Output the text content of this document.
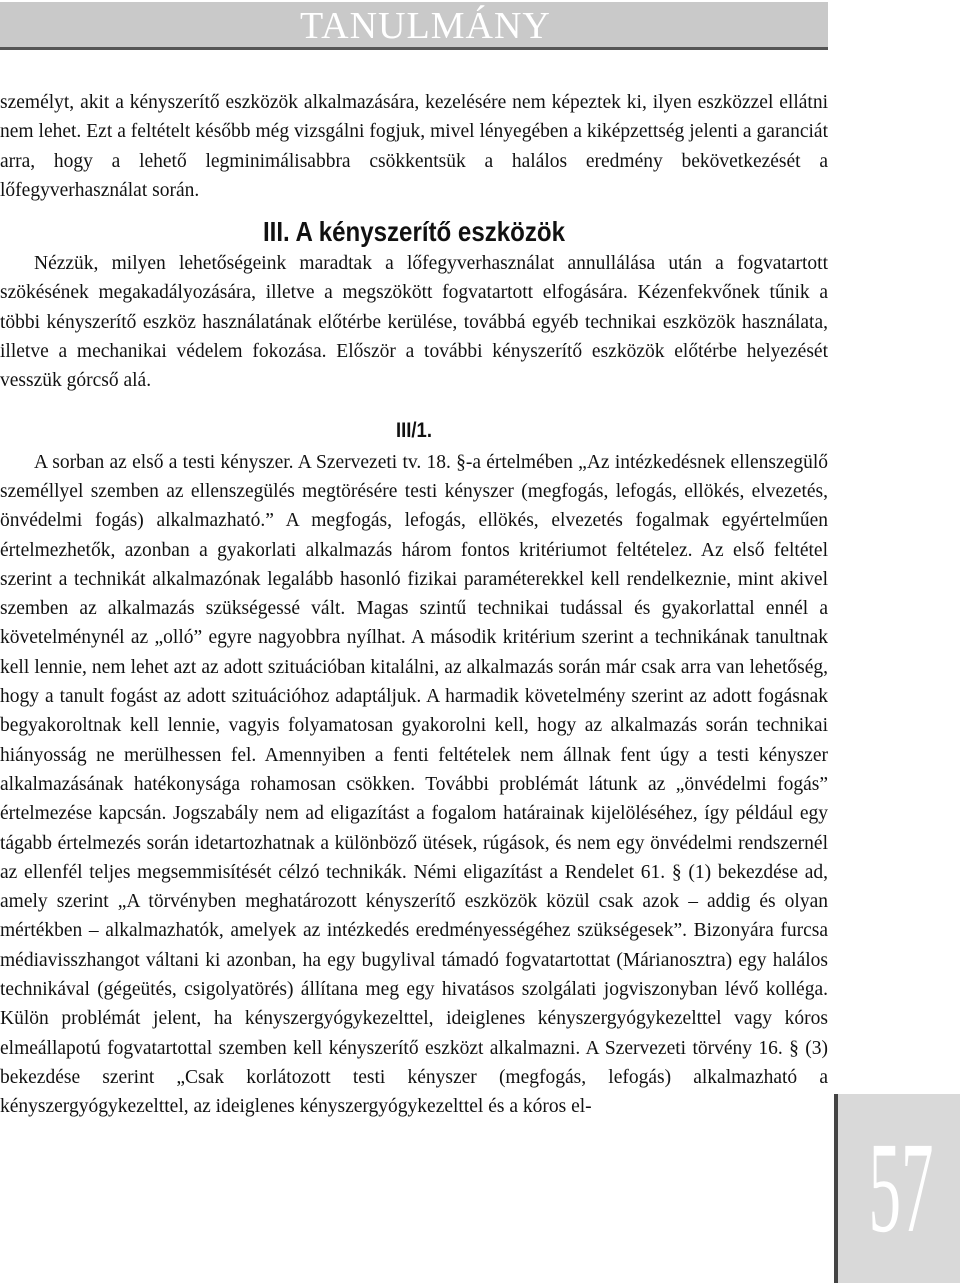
TANULMÁNY

személyt, akit a kényszerítő eszközök alkalmazására, kezelésére nem képeztek ki, ilyen eszközzel ellátni nem lehet. Ezt a feltételt később még vizsgálni fogjuk, mivel lényegében a kiképzettség jelenti a garanciát arra, hogy a lehető legminimálisabbra csökkentsük a halálos eredmény bekövetkezését a lőfegyverhasználat során.

III. A kényszerítő eszközök

Nézzük, milyen lehetőségeink maradtak a lőfegyverhasználat annullálása után a fogvatartott szökésének megakadályozására, illetve a megszökött fogvatartott elfogására. Kézenfekvőnek tűnik a többi kényszerítő eszköz használatának előtérbe kerülése, továbbá egyéb technikai eszközök használata, illetve a mechanikai védelem fokozása. Először a további kényszerítő eszközök előtérbe helyezését vesszük górcső alá.

III/1.

A sorban az első a testi kényszer. A Szervezeti tv. 18. §-a értelmében „Az intézkedésnek ellenszegülő személlyel szemben az ellenszegülés megtörésére testi kényszer (megfogás, lefogás, ellökés, elvezetés, önvédelmi fogás) alkalmazható.” A megfogás, lefogás, ellökés, elvezetés fogalmak egyértelműen értelmezhetők, azonban a gyakorlati alkalmazás három fontos kritériumot feltételez. Az első feltétel szerint a technikát alkalmazónak legalább hasonló fizikai paraméterekkel kell rendelkeznie, mint akivel szemben az alkalmazás szükségessé vált. Magas szintű technikai tudással és gyakorlattal ennél a követelménynél az „olló” egyre nagyobbra nyílhat. A második kritérium szerint a technikának tanultnak kell lennie, nem lehet azt az adott szituációban kitalálni, az alkalmazás során már csak arra van lehetőség, hogy a tanult fogást az adott szituációhoz adaptáljuk. A harmadik követelmény szerint az adott fogásnak begyakoroltnak kell lennie, vagyis folyamatosan gyakorolni kell, hogy az alkalmazás során technikai hiányosság ne merülhessen fel. Amennyiben a fenti feltételek nem állnak fent úgy a testi kényszer alkalmazásának hatékonysága rohamosan csökken. További problémát látunk az „önvédelmi fogás” értelmezése kapcsán. Jogszabály nem ad eligazítást a fogalom határainak kijelöléséhez, így például egy tágabb értelmezés során idetartozhatnak a különböző ütések, rúgások, és nem egy önvédelmi rendszernél az ellenfél teljes megsemmisítését célzó technikák. Némi eligazítást a Rendelet 61. § (1) bekezdése ad, amely szerint „A törvényben meghatározott kényszerítő eszközök közül csak azok – addig és olyan mértékben – alkalmazhatók, amelyek az intézkedés eredményességéhez szükségesek”. Bizonyára furcsa médiavisszhangot váltani ki azonban, ha egy bugylival támadó fogvatartottat (Márianosztra) egy halálos technikával (gégeütés, csigolyatörés) állítana meg egy hivatásos szolgálati jogviszonyban lévő kolléga. Külön problémát jelent, ha kényszergyógykezelttel, ideiglenes kényszergyógykezelttel vagy kóros elmeállapotú fogvatartottal szemben kell kényszerítő eszközt alkalmazni. A Szervezeti törvény 16. § (3) bekezdése szerint „Csak korlátozott testi kényszer (megfogás, lefogás) alkalmazható a kényszergyógykezelttel, az ideiglenes kényszergyógykezelttel és a kóros el-

57
